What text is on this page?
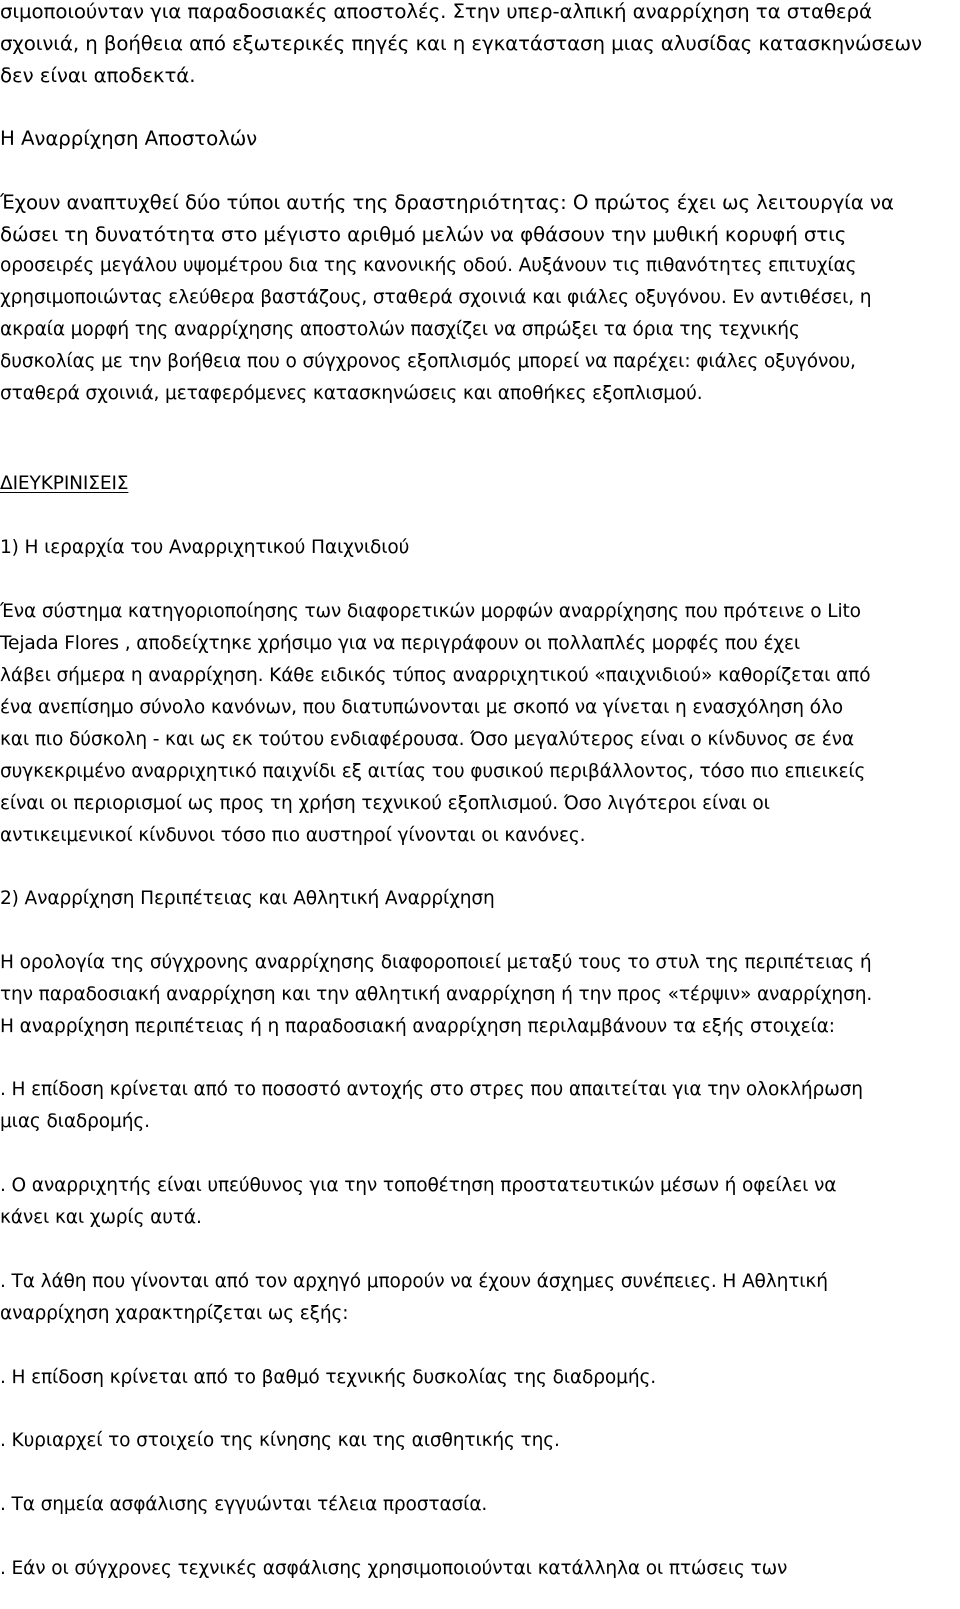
σιμοποιούνταν για παραδοσιακές αποστολές. Στην υπερ-αλπική αναρρίχηση τα σταθερά
σχοινιά, η βοήθεια από εξωτερικές πηγές και η εγκατάσταση μιας αλυσίδας κατασκηνώσεων
δεν είναι αποδεκτά.
Η Αναρρίχηση Αποστολών
Έχουν αναπτυχθεί δύο τύποι αυτής της δραστηριότητας: Ο πρώτος έχει ως λειτουργία να
δώσει τη δυνατότητα στο μέγιστο αριθμό μελών να φθάσουν την μυθική κορυφή στις
οροσειρές μεγάλου υψομέτρου δια της κανονικής οδού. Αυξάνουν τις πιθανότητες επιτυχίας
χρησιμοποιώντας ελεύθερα βαστάζους, σταθερά σχοινιά και φιάλες οξυγόνου. Εν αντιθέσει, η
ακραία μορφή της αναρρίχησης αποστολών πασχίζει να σπρώξει τα όρια της τεχνικής
δυσκολίας με την βοήθεια που ο σύγχρονος εξοπλισμός μπορεί να παρέχει: φιάλες οξυγόνου,
σταθερά σχοινιά, μεταφερόμενες κατασκηνώσεις και αποθήκες εξοπλισμού.
ΔΙΕΥΚΡΙΝΙΣΕΙΣ
1) Η ιεραρχία του Αναρριχητικού Παιχνιδιού
Ένα σύστημα κατηγοριοποίησης των διαφορετικών μορφών αναρρίχησης που πρότεινε ο Lito
Tejada Flores , αποδείχτηκε χρήσιμο για να περιγράφουν οι πολλαπλές μορφές που έχει
λάβει σήμερα η αναρρίχηση. Κάθε ειδικός τύπος αναρριχητικού «παιχνιδιού» καθορίζεται από
ένα ανεπίσημο σύνολο κανόνων, που διατυπώνονται με σκοπό να γίνεται η ενασχόληση όλο
και πιο δύσκολη - και ως εκ τούτου ενδιαφέρουσα. Όσο μεγαλύτερος είναι ο κίνδυνος σε ένα
συγκεκριμένο αναρριχητικό παιχνίδι εξ αιτίας του φυσικού περιβάλλοντος, τόσο πιο επιεικείς
είναι οι περιορισμοί ως προς τη χρήση τεχνικού εξοπλισμού. Όσο λιγότεροι είναι οι
αντικειμενικοί κίνδυνοι τόσο πιο αυστηροί γίνονται οι κανόνες.
2) Αναρρίχηση Περιπέτειας και Αθλητική Αναρρίχηση
Η ορολογία της σύγχρονης αναρρίχησης διαφοροποιεί μεταξύ τους το στυλ της περιπέτειας ή
την παραδοσιακή αναρρίχηση και την αθλητική αναρρίχηση ή την προς «τέρψιν» αναρρίχηση.
Η αναρρίχηση περιπέτειας ή η παραδοσιακή αναρρίχηση περιλαμβάνουν τα εξής στοιχεία:
. Η επίδοση κρίνεται από το ποσοστό αντοχής στο στρες που απαιτείται για την ολοκλήρωση
μιας διαδρομής.
. Ο αναρριχητής είναι υπεύθυνος για την τοποθέτηση προστατευτικών μέσων ή οφείλει να
κάνει και χωρίς αυτά.
. Τα λάθη που γίνονται από τον αρχηγό μπορούν να έχουν άσχημες συνέπειες. Η Αθλητική
αναρρίχηση χαρακτηρίζεται ως εξής:
. Η επίδοση κρίνεται από το βαθμό τεχνικής δυσκολίας της διαδρομής.
. Κυριαρχεί το στοιχείο της κίνησης και της αισθητικής της.
. Τα σημεία ασφάλισης εγγυώνται τέλεια προστασία.
. Εάν οι σύγχρονες τεχνικές ασφάλισης χρησιμοποιούνται κατάλληλα οι πτώσεις των
